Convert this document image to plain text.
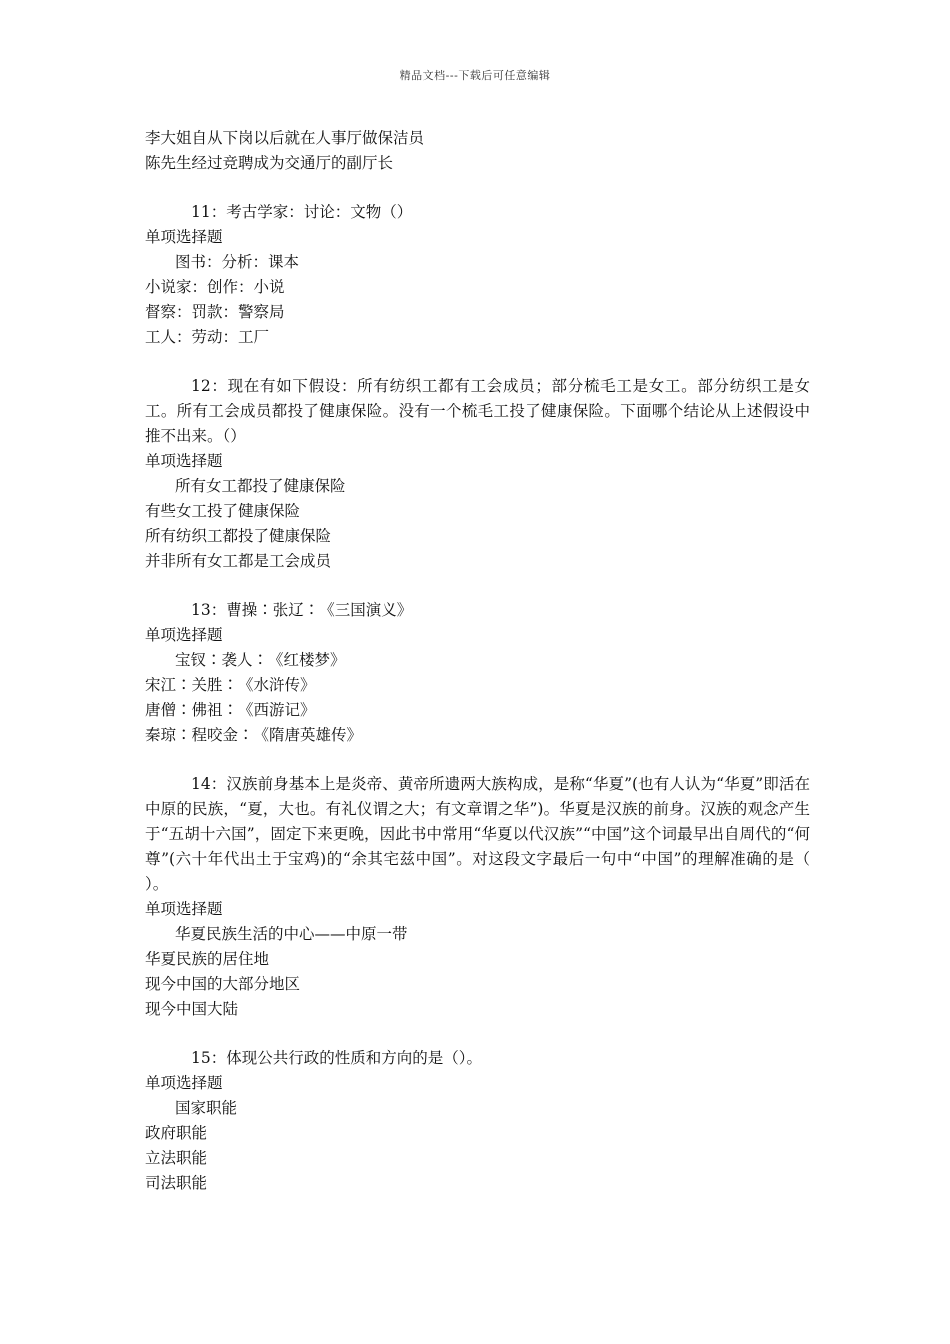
精品文档---下载后可任意编辑
李大姐自从下岗以后就在人事厅做保洁员
陈先生经过竞聘成为交通厅的副厅长
11：考古学家：讨论：文物（）
单项选择题
图书：分析：课本
小说家：创作：小说
督察：罚款：警察局
工人：劳动：工厂
12：现在有如下假设：所有纺织工都有工会成员；部分梳毛工是女工。部分纺织工是女工。所有工会成员都投了健康保险。没有一个梳毛工投了健康保险。下面哪个结论从上述假设中推不出来。（）
单项选择题
所有女工都投了健康保险
有些女工投了健康保险
所有纺织工都投了健康保险
并非所有女工都是工会成员
13：曹操∶张辽∶《三国演义》
单项选择题
宝钗∶袭人∶《红楼梦》
宋江∶关胜∶《水浒传》
唐僧∶佛祖∶《西游记》
秦琼∶程咬金∶《隋唐英雄传》
14：汉族前身基本上是炎帝、黄帝所遗两大族构成，是称“华夏”(也有人认为“华夏”即活在中原的民族，“夏，大也。有礼仪谓之大；有文章谓之华”)。华夏是汉族的前身。汉族的观念产生于“五胡十六国”，固定下来更晚，因此书中常用“华夏以代汉族”“中国”这个词最早出自周代的“何尊”(六十年代出土于宝鸡)的“余其宅兹中国”。对这段文字最后一句中“中国”的理解准确的是（ ）。
单项选择题
华夏民族生活的中心——中原一带
华夏民族的居住地
现今中国的大部分地区
现今中国大陆
15：体现公共行政的性质和方向的是（）。
单项选择题
国家职能
政府职能
立法职能
司法职能
